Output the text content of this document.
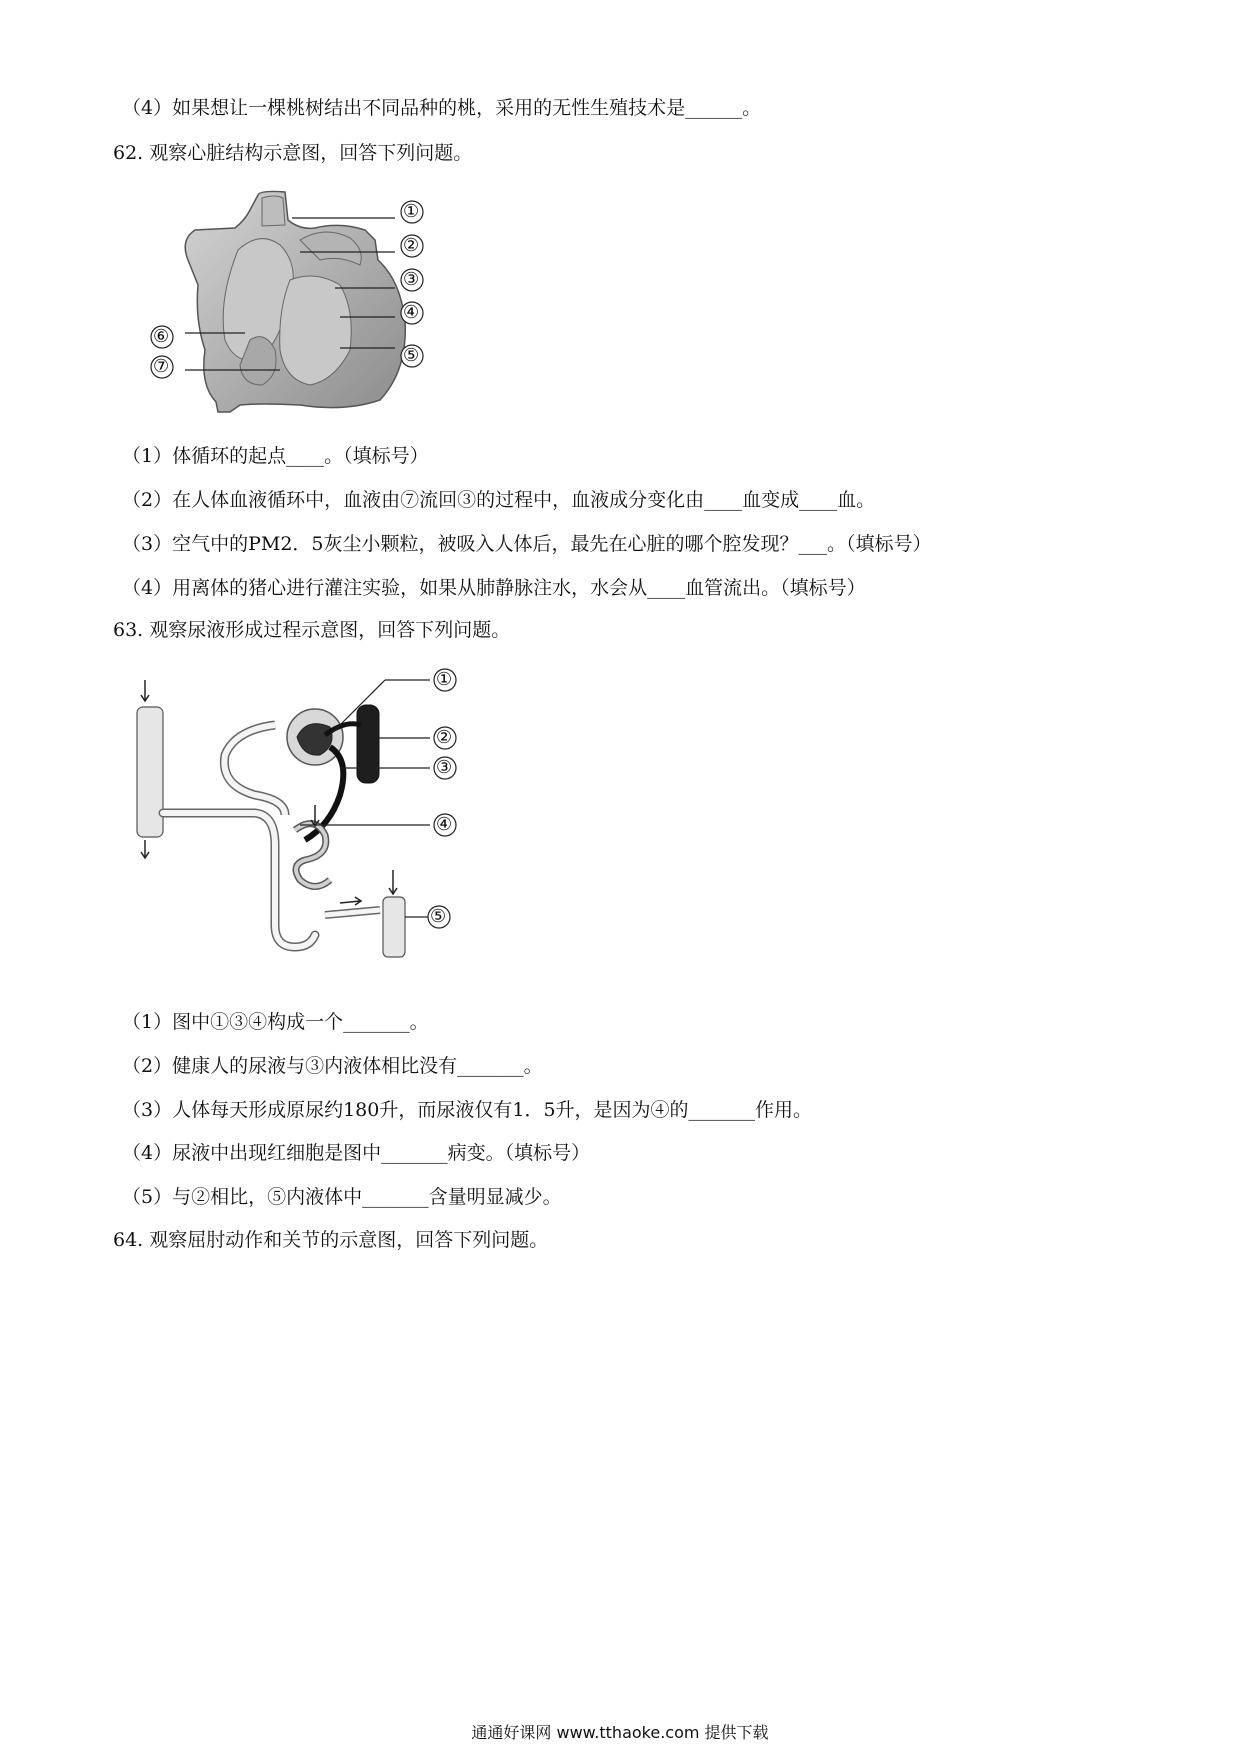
（4）如果想让一棵桃树结出不同品种的桃，采用的无性生殖技术是______。
62. 观察心脏结构示意图，回答下列问题。
①
②
③
④
⑤
⑥
⑦
（1）体循环的起点____。（填标号）
（2）在人体血液循环中，血液由⑦流回③的过程中，血液成分变化由____血变成____血。
（3）空气中的PM2．5灰尘小颗粒，被吸入人体后，最先在心脏的哪个腔发现？___。（填标号）
（4）用离体的猪心进行灌注实验，如果从肺静脉注水，水会从____血管流出。（填标号）
63. 观察尿液形成过程示意图，回答下列问题。
①
②
③
④
⑤
（1）图中①③④构成一个_______。
（2）健康人的尿液与③内液体相比没有_______。
（3）人体每天形成原尿约180升，而尿液仅有1．5升，是因为④的_______作用。
（4）尿液中出现红细胞是图中_______病变。（填标号）
（5）与②相比，⑤内液体中_______含量明显减少。
64. 观察屈肘动作和关节的示意图，回答下列问题。
通通好课网 www.tthaoke.com 提供下载
